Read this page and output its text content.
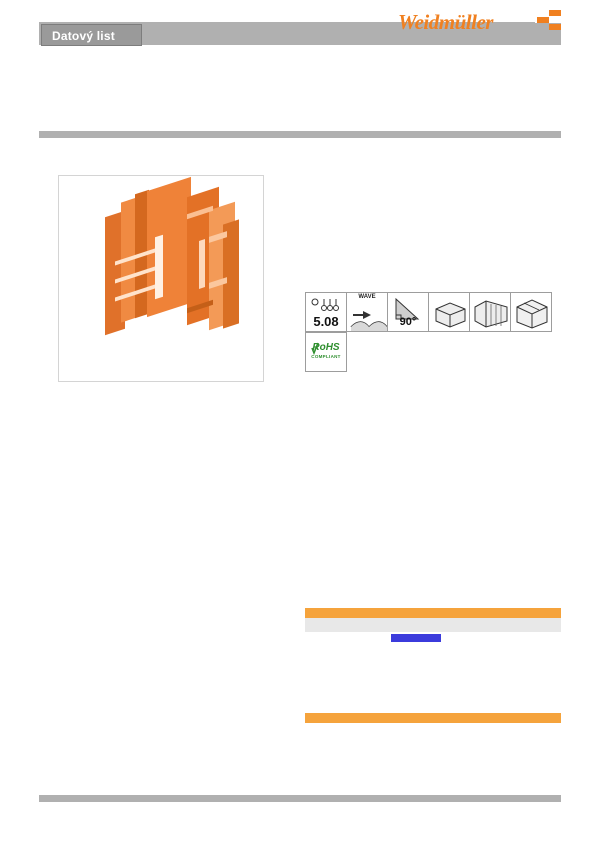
Datový list
Weidmüller
5.08
WAVE
90°
RoHS
COMPLIANT
